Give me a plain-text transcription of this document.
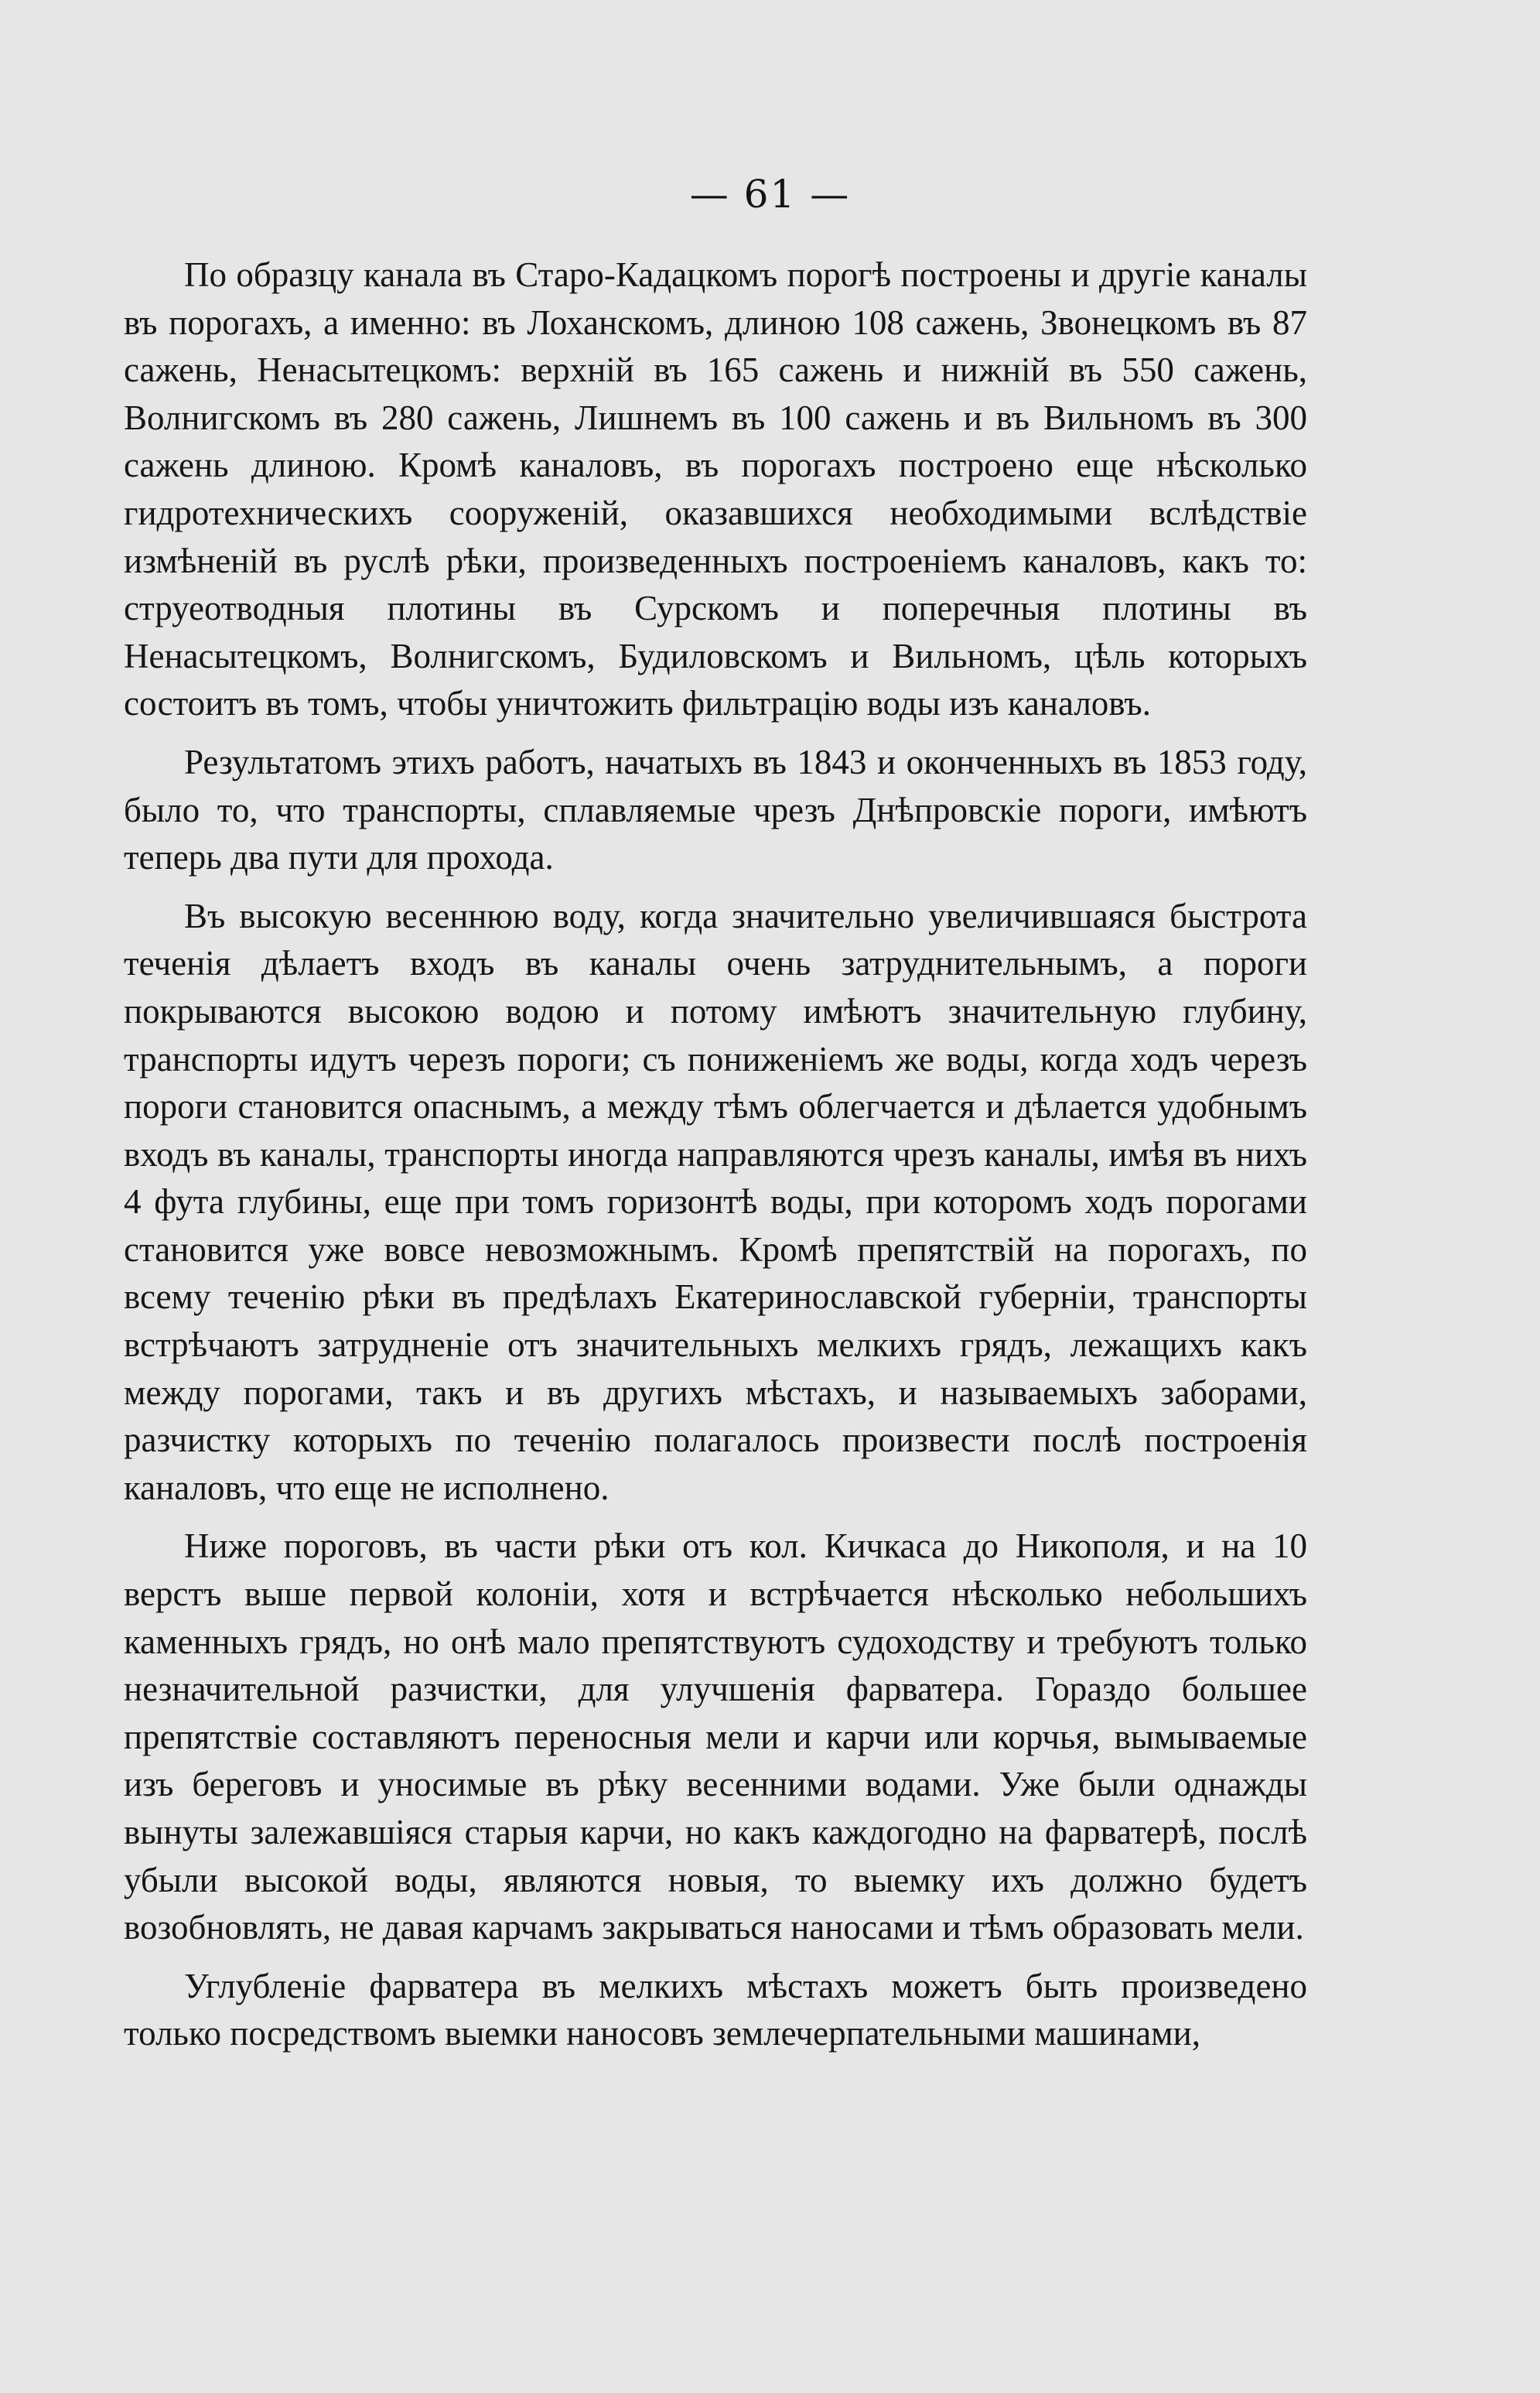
— 61 —

По образцу канала въ Старо-Кадацкомъ порогѣ построены и другіе каналы въ порогахъ, а именно: въ Лоханскомъ, длиною 108 сажень, Звонецкомъ въ 87 сажень, Ненасытецкомъ: верхній въ 165 сажень и нижній въ 550 сажень, Волнигскомъ въ 280 сажень, Лишнемъ въ 100 сажень и въ Вильномъ въ 300 сажень длиною. Кромѣ каналовъ, въ порогахъ построено еще нѣсколько гидротехническихъ сооруженій, оказавшихся необходимыми вслѣдствіе измѣненій въ руслѣ рѣки, произведенныхъ построеніемъ каналовъ, какъ то: струеотводныя плотины въ Сурскомъ и поперечныя плотины въ Ненасытецкомъ, Волнигскомъ, Будиловскомъ и Вильномъ, цѣль которыхъ состоитъ въ томъ, чтобы уничтожить фильтрацію воды изъ каналовъ.

Результатомъ этихъ работъ, начатыхъ въ 1843 и оконченныхъ въ 1853 году, было то, что транспорты, сплавляемые чрезъ Днѣпровскіе пороги, имѣютъ теперь два пути для прохода.

Въ высокую весеннюю воду, когда значительно увеличившаяся быстрота теченія дѣлаетъ входъ въ каналы очень затруднительнымъ, а пороги покрываются высокою водою и потому имѣютъ значительную глубину, транспорты идутъ черезъ пороги; съ пониженіемъ же воды, когда ходъ черезъ пороги становится опаснымъ, а между тѣмъ облегчается и дѣлается удобнымъ входъ въ каналы, транспорты иногда направляются чрезъ каналы, имѣя въ нихъ 4 фута глубины, еще при томъ горизонтѣ воды, при которомъ ходъ порогами становится уже вовсе невозможнымъ. Кромѣ препятствій на порогахъ, по всему теченію рѣки въ предѣлахъ Екатеринославской губерніи, транспорты встрѣчаютъ затрудненіе отъ значительныхъ мелкихъ грядъ, лежащихъ какъ между порогами, такъ и въ другихъ мѣстахъ, и называемыхъ заборами, разчистку которыхъ по теченію полагалось произвести послѣ построенія каналовъ, что еще не исполнено.

Ниже пороговъ, въ части рѣки отъ кол. Кичкаса до Никополя, и на 10 верстъ выше первой колоніи, хотя и встрѣчается нѣсколько небольшихъ каменныхъ грядъ, но онѣ мало препятствуютъ судоходству и требуютъ только незначительной разчистки, для улучшенія фарватера. Гораздо большее препятствіе составляютъ переносныя мели и карчи или корчья, вымываемые изъ береговъ и уносимые въ рѣку весенними водами. Уже были однажды вынуты залежавшіяся старыя карчи, но какъ каждогодно на фарватерѣ, послѣ убыли высокой воды, являются новыя, то выемку ихъ должно будетъ возобновлять, не давая карчамъ закрываться наносами и тѣмъ образовать мели.

Углубленіе фарватера въ мелкихъ мѣстахъ можетъ быть произведено только посредствомъ выемки наносовъ землечерпательными машинами,
